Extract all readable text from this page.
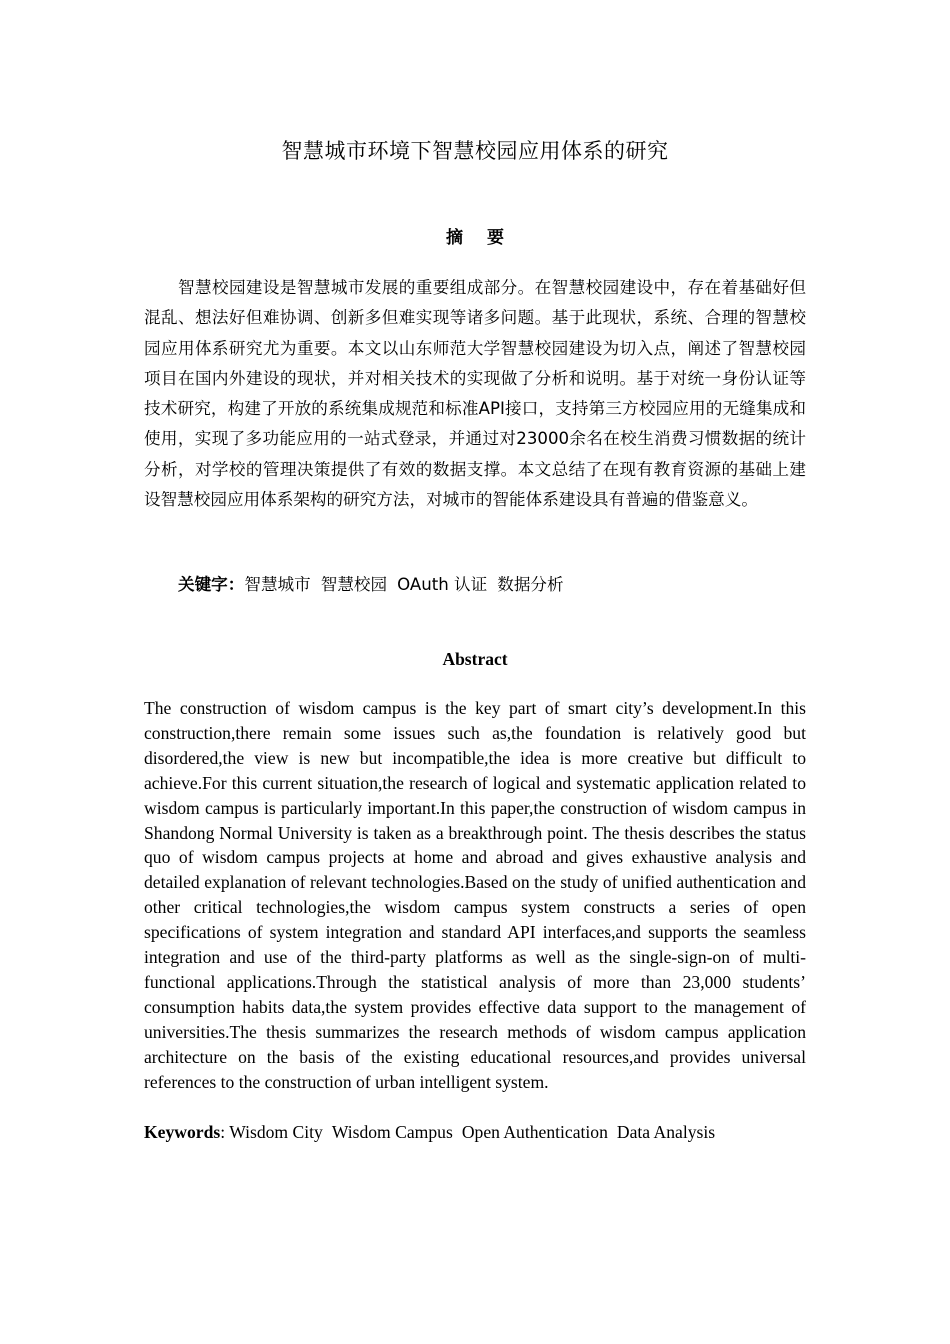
智慧城市环境下智慧校园应用体系的研究
摘 要

智慧校园建设是智慧城市发展的重要组成部分。在智慧校园建设中，存在着基础好但混乱、想法好但难协调、创新多但难实现等诸多问题。基于此现状，系统、合理的智慧校园应用体系研究尤为重要。本文以山东师范大学智慧校园建设为切入点，阐述了智慧校园项目在国内外建设的现状，并对相关技术的实现做了分析和说明。基于对统一身份认证等技术研究，构建了开放的系统集成规范和标准API接口，支持第三方校园应用的无缝集成和使用，实现了多功能应用的一站式登录，并通过对23000余名在校生消费习惯数据的统计分析，对学校的管理决策提供了有效的数据支撑。本文总结了在现有教育资源的基础上建设智慧校园应用体系架构的研究方法，对城市的智能体系建设具有普遍的借鉴意义。

关键字：智慧城市 智慧校园 OAuth 认证 数据分析
Abstract

The construction of wisdom campus is the key part of smart city’s development.In this construction,there remain some issues such as,the foundation is relatively good but disordered,the view is new but incompatible,the idea is more creative but difficult to achieve.For this current situation,the research of logical and systematic application related to wisdom campus is particularly important.In this paper,the construction of wisdom campus in Shandong Normal University is taken as a breakthrough point. The thesis describes the status quo of wisdom campus projects at home and abroad and gives exhaustive analysis and detailed explanation of relevant technologies.Based on the study of unified authentication and other critical technologies,the wisdom campus system constructs a series of open specifications of system integration and standard API interfaces,and supports the seamless integration and use of the third-party platforms as well as the single-sign-on of multi-functional applications.Through the statistical analysis of more than 23,000 students’ consumption habits data,the system provides effective data support to the management of universities.The thesis summarizes the research methods of wisdom campus application architecture on the basis of the existing educational resources,and provides universal references to the construction of urban intelligent system.

Keywords: Wisdom City Wisdom Campus Open Authentication Data Analysis
